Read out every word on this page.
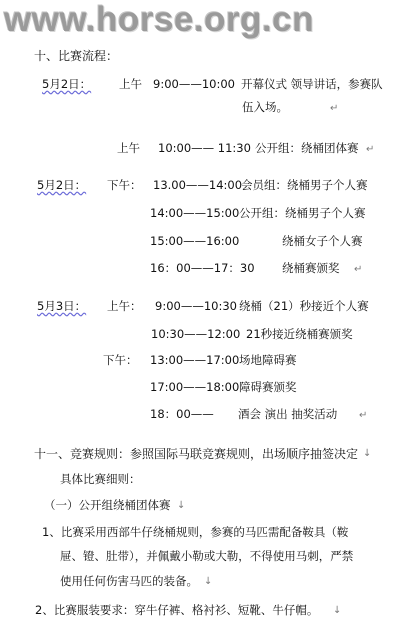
www.horse.org.cn
十、比赛流程：
5月2日： 上午 9:00——10:00 开幕仪式 领导讲话，参赛队
伍入场。	↵
上午 10:00—— 11:30 公开组：绕桶团体赛 ↵
5月2日： 下午： 13.00——14:00
会员组：绕桶男子个人赛
14:00——15:00 公开组：绕桶男子个人赛
15:00——16:00	绕桶女子个人赛
16：00——17：30 绕桶赛颁奖 ↵
5月3日： 上午： 9:00——10:30 绕桶（21）秒接近个人赛
10:30——12:00 21秒接近绕桶赛颁奖
下午： 13:00——17:00 场地障碍赛
17:00——18:00 障碍赛颁奖
18：00—— 酒会 演出 抽奖活动 ↵
十一、竞赛规则：参照国际马联竞赛规则，出场顺序抽签决定 ↓
具体比赛细则：
（一）公开组绕桶团体赛 ↓
1、比赛采用西部牛仔绕桶规则，参赛的马匹需配备鞍具（鞍
屉、镫、肚带），并佩戴小勒或大勒，不得使用马刺，严禁
使用任何伤害马匹的装备。 ↓
2、比赛服装要求：穿牛仔裤、格衬衫、短靴、牛仔帽。 ↓
